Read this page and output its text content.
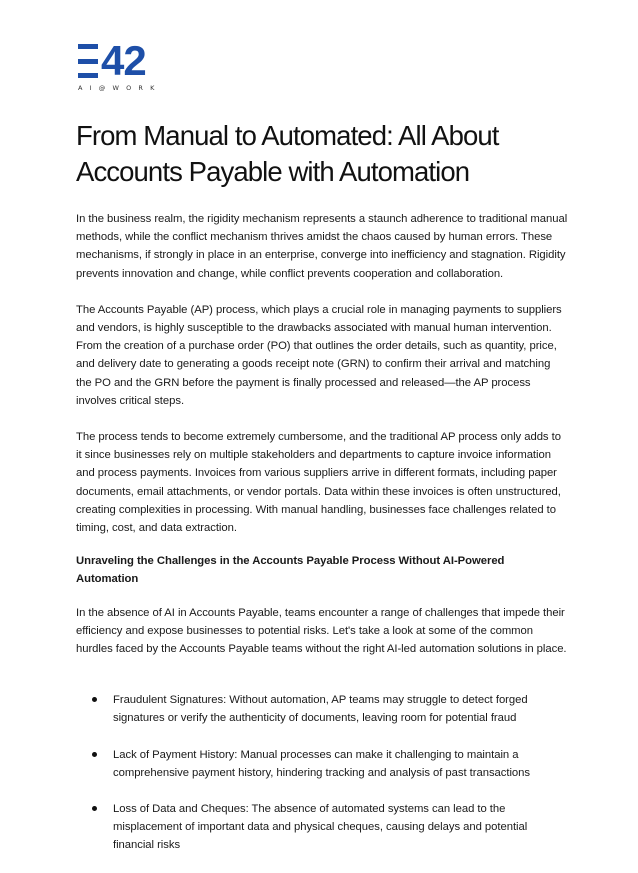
42
AI@WORK
From Manual to Automated: All About Accounts Payable with Automation

In the business realm, the rigidity mechanism represents a staunch adherence to traditional manual methods, while the conflict mechanism thrives amidst the chaos caused by human errors. These mechanisms, if strongly in place in an enterprise, converge into inefficiency and stagnation. Rigidity prevents innovation and change, while conflict prevents cooperation and collaboration.

The Accounts Payable (AP) process, which plays a crucial role in managing payments to suppliers and vendors, is highly susceptible to the drawbacks associated with manual human intervention. From the creation of a purchase order (PO) that outlines the order details, such as quantity, price, and delivery date to generating a goods receipt note (GRN) to confirm their arrival and matching the PO and the GRN before the payment is finally processed and released—the AP process involves critical steps.

The process tends to become extremely cumbersome, and the traditional AP process only adds to it since businesses rely on multiple stakeholders and departments to capture invoice information and process payments. Invoices from various suppliers arrive in different formats, including paper documents, email attachments, or vendor portals. Data within these invoices is often unstructured, creating complexities in processing. With manual handling, businesses face challenges related to timing, cost, and data extraction.

Unraveling the Challenges in the Accounts Payable Process Without AI-Powered Automation

In the absence of AI in Accounts Payable, teams encounter a range of challenges that impede their efficiency and expose businesses to potential risks. Let's take a look at some of the common hurdles faced by the Accounts Payable teams without the right AI-led automation solutions in place.

Fraudulent Signatures: Without automation, AP teams may struggle to detect forged signatures or verify the authenticity of documents, leaving room for potential fraud
Lack of Payment History: Manual processes can make it challenging to maintain a comprehensive payment history, hindering tracking and analysis of past transactions
Loss of Data and Cheques: The absence of automated systems can lead to the misplacement of important data and physical cheques, causing delays and potential financial risks
